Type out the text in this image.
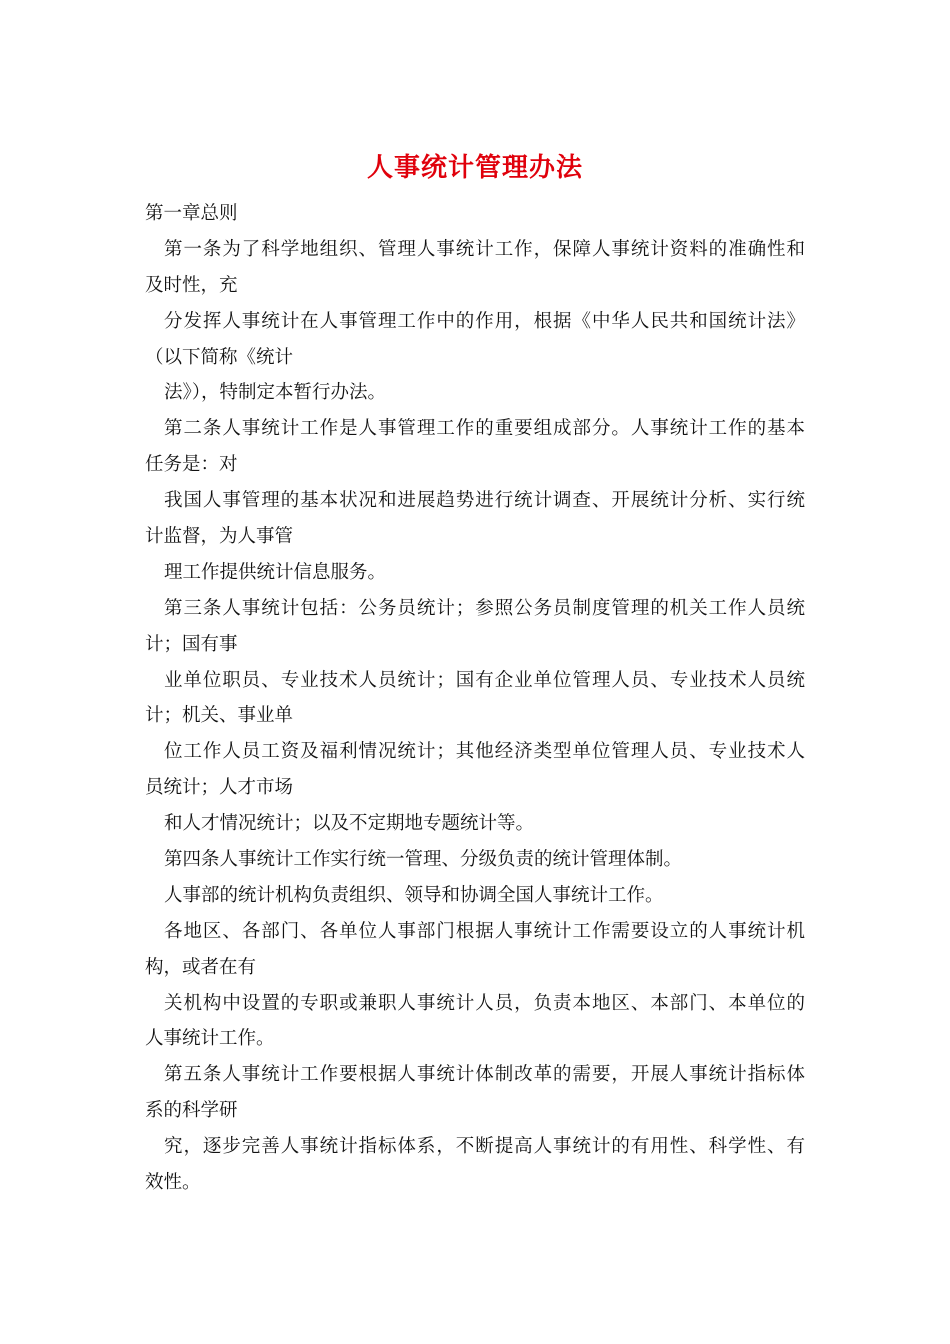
人事统计管理办法
第一章总则
第一条为了科学地组织、管理人事统计工作，保障人事统计资料的准确性和
及时性，充
分发挥人事统计在人事管理工作中的作用，根据《中华人民共和国统计法》
（以下简称《统计
法》），特制定本暂行办法。
第二条人事统计工作是人事管理工作的重要组成部分。人事统计工作的基本
任务是：对
我国人事管理的基本状况和进展趋势进行统计调查、开展统计分析、实行统
计监督，为人事管
理工作提供统计信息服务。
第三条人事统计包括：公务员统计；参照公务员制度管理的机关工作人员统
计；国有事
业单位职员、专业技术人员统计；国有企业单位管理人员、专业技术人员统
计；机关、事业单
位工作人员工资及福利情况统计；其他经济类型单位管理人员、专业技术人
员统计；人才市场
和人才情况统计；以及不定期地专题统计等。
第四条人事统计工作实行统一管理、分级负责的统计管理体制。
人事部的统计机构负责组织、领导和协调全国人事统计工作。
各地区、各部门、各单位人事部门根据人事统计工作需要设立的人事统计机
构，或者在有
关机构中设置的专职或兼职人事统计人员，负责本地区、本部门、本单位的
人事统计工作。
第五条人事统计工作要根据人事统计体制改革的需要，开展人事统计指标体
系的科学研
究，逐步完善人事统计指标体系，不断提高人事统计的有用性、科学性、有
效性。
